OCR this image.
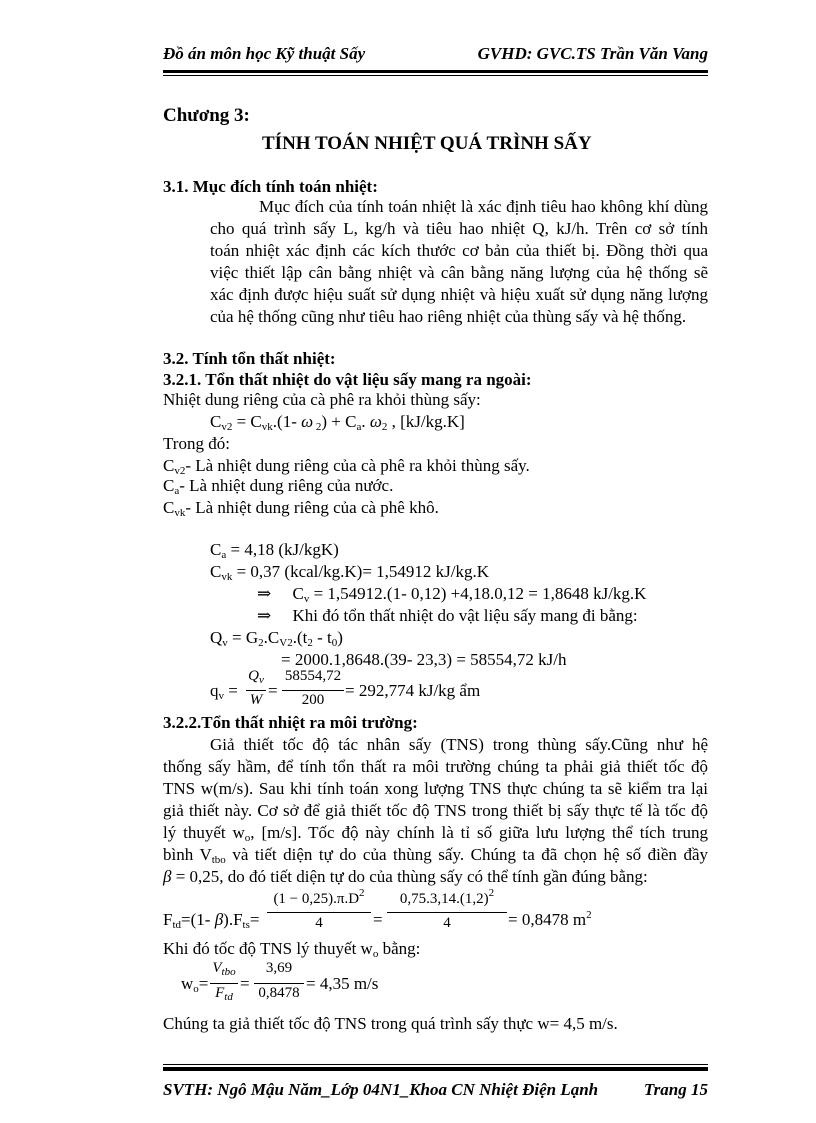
Đồ án môn học Kỹ thuật Sấy	GVHD: GVC.TS Trần Văn Vang
Chương 3:
TÍNH TOÁN NHIỆT QUÁ TRÌNH SẤY
3.1. Mục đích tính toán nhiệt:
Mục đích của tính toán nhiệt là xác định tiêu hao không khí dùng
cho quá trình sấy L, kg/h và tiêu hao nhiệt Q, kJ/h. Trên cơ sở tính
toán nhiệt xác định các kích thước cơ bản của thiết bị. Đồng thời qua
việc thiết lập cân bằng nhiệt và cân bằng năng lượng của hệ thống sẽ
xác định được hiệu suất sử dụng nhiệt và hiệu xuất sử dụng năng lượng
của hệ thống cũng như tiêu hao riêng nhiệt của thùng sấy và hệ thống.
3.2. Tính tổn thất nhiệt:
3.2.1. Tổn thất nhiệt do vật liệu sấy mang ra ngoài:
Nhiệt dung riêng của cà phê ra khỏi thùng sấy:
$C_{v2} = C_{vk}.(1-$ ω $_2) + C_a$. $\omega_2$ , [kJ/kg.K]
Trong đó:
$C_{v2}-$ Là nhiệt dung riêng của cà phê ra khỏi thùng sấy.
$C_a-$ Là nhiệt dung riêng của nước.
$C_{vk}-$ Là nhiệt dung riêng của cà phê khô.
$C_a = 4,18$ (kJ/kgK)
$C_{vk} = 0,37$ (kcal/kg.K)= 1,54912 kJ/kg.K
⇒     $C_v = 1,54912.(1-$ 0,12) +4,18.0,12 = 1,8648 kJ/kg.K
⇒ Khi đó tổn thất nhiệt do vật liệu sấy mang đi bằng:
$Q_v = G_2.C_{V2}.(t_2 - t_0)$
= 2000.1,8648.(39- 23,3) = 58554,72 kJ/h
$q_v$ =
$Q_v$
W =
58554,72
200	= 292,774 kJ/kg ẩm
3.2.2.Tổn thất nhiệt ra môi trường:
Giả thiết tốc độ tác nhân sấy (TNS) trong thùng sấy.Cũng như hệ
thống sấy hầm, để tính tổn thất ra môi trường chúng ta phải giả thiết tốc độ
TNS w(m/s). Sau khi tính toán xong lượng TNS thực chúng ta sẽ kiểm tra lại
giả thiết này. Cơ sở để giả thiết tốc độ TNS trong thiết bị sấy thực tế là tốc độ
lý thuyết $w_o$, [m/s]. Tốc độ này chính là tỉ số giữa lưu lượng thể tích trung
bình $V_{tbo}$ và tiết diện tự do của thùng sấy. Chúng ta đã chọn hệ số điền đầy
β = 0,25, do đó tiết diện tự do của thùng sấy có thể tính gần đúng bằng:
$F_{td}=(1-$ $\beta).F_{ts}=$
$(1 - 0,25).\pi.D^2$
4	=
$0,75.3,14.(1,2)^2$
4	= 0,8478 $m^2$
Khi đó tốc độ TNS lý thuyết $w_o$ bằng:
$w_o=$
$V_{tbo}$
$F_{td}$
=
3,69
0,8478 = 4,35 m/s
Chúng ta giả thiết tốc độ TNS trong quá trình sấy thực w= 4,5 m/s.
SVTH: Ngô Mậu Năm_Lớp 04N1_Khoa CN Nhiệt Điện Lạnh	Trang 15
